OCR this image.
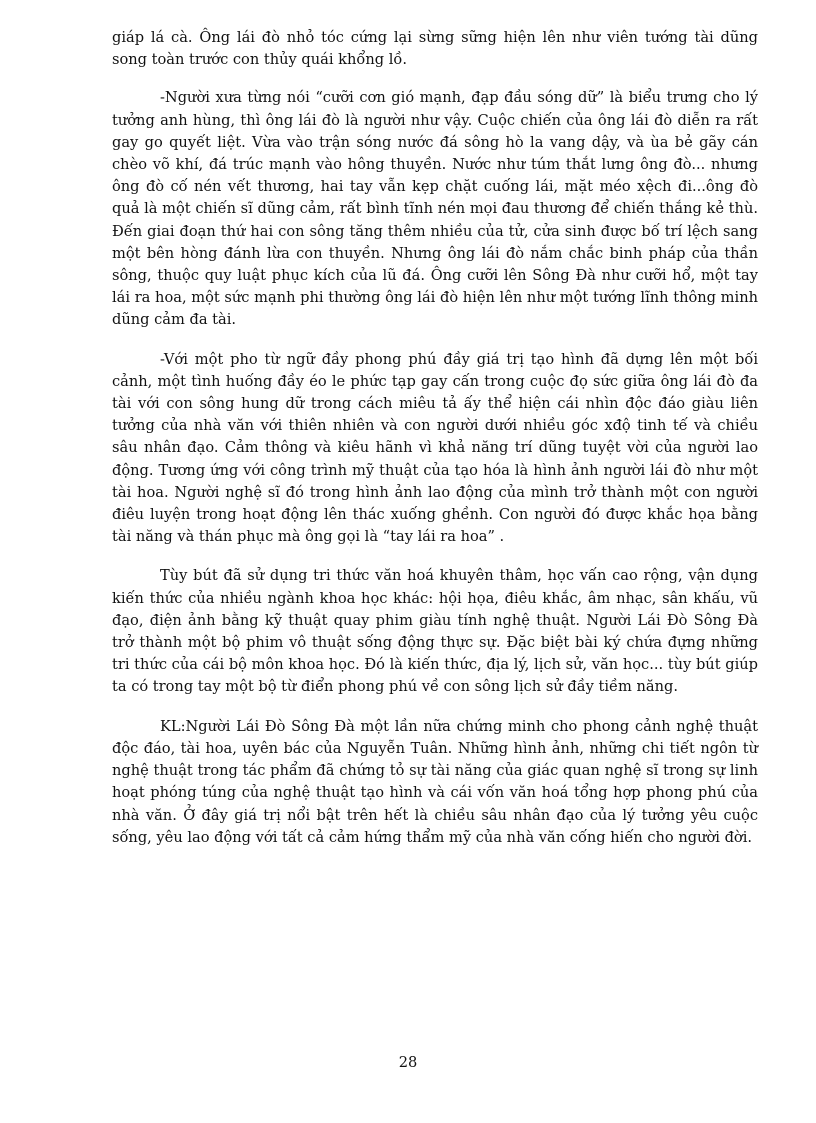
giáp lá cà. Ông lái đò nhỏ tóc cứng lại sừng sững hiện lên như viên tướng tài dũng song toàn trước con thủy quái khổng lồ.

-Người xưa từng nói “cưỡi cơn gió mạnh, đạp đầu sóng dữ” là biểu trưng cho lý tưởng anh hùng, thì ông lái đò là người như vậy. Cuộc chiến của ông lái đò diễn ra rất gay go quyết liệt. Vừa vào trận sóng nước đá sông hò la vang dậy, và ùa bẻ gãy cán chèo võ khí, đá trúc mạnh vào hông thuyền. Nước như túm thắt lưng ông đò... nhưng ông đò cố nén vết thương, hai tay vẫn kẹp chặt cuống lái, mặt méo xệch đi...ông đò quả là một chiến sĩ dũng cảm, rất bình tĩnh nén mọi đau thương để chiến thắng kẻ thù. Đến giai đoạn thứ hai con sông tăng thêm nhiều của tử, cửa sinh được bố trí lệch sang một bên hòng đánh lừa con thuyền. Nhưng ông lái đò nắm chắc binh pháp của thần sông, thuộc quy luật phục kích của lũ đá. Ông cưỡi lên Sông Đà như cưỡi hổ, một tay lái ra hoa, một sức mạnh phi thường ông lái đò hiện lên như một tướng lĩnh thông minh dũng cảm đa tài.

-Với một pho từ ngữ đầy phong phú đầy giá trị tạo hình đã dựng lên một bối cảnh, một tình huống đầy éo le phức tạp gay cấn trong cuộc đọ sức giữa ông lái đò đa tài với con sông hung dữ trong cách miêu tả ấy thể hiện cái nhìn độc đáo giàu liên tưởng của nhà văn với thiên nhiên và con người dưới nhiều góc xđộ tinh tế và chiều sâu nhân đạo. Cảm thông và kiêu hãnh vì khả năng trí dũng tuyệt vời của người lao động. Tương ứng với công trình mỹ thuật của tạo hóa là hình ảnh người lái đò như một tài hoa. Người nghệ sĩ đó trong hình ảnh lao động của mình trở thành một con người điêu luyện trong hoạt động lên thác xuống ghềnh. Con người đó được khắc họa bằng tài năng và thán phục mà ông gọi là “tay lái ra hoa” .

Tùy bút đã sử dụng tri thức văn hoá khuyên thâm, học vấn cao rộng, vận dụng kiến thức của nhiều ngành khoa học khác: hội họa, điêu khắc, âm nhạc, sân khấu, vũ đạo, điện ảnh bằng kỹ thuật quay phim giàu tính nghệ thuật. Người Lái Đò Sông Đà trở thành một bộ phim vô thuật sống động thực sự. Đặc biệt bài ký chứa đựng những tri thức của cái bộ môn khoa học. Đó là kiến thức, địa lý, lịch sử, văn học... tùy bút giúp ta có trong tay một bộ từ điển phong phú về con sông lịch sử đầy tiềm năng.

KL:Người Lái Đò Sông Đà một lần nữa chứng minh cho phong cảnh nghệ thuật độc đáo, tài hoa, uyên bác của Nguyễn Tuân. Những hình ảnh, những chi tiết ngôn từ nghệ thuật trong tác phẩm đã chứng tỏ sự tài năng của giác quan nghệ sĩ trong sự linh hoạt phóng túng của nghệ thuật tạo hình và cái vốn văn hoá tổng hợp phong phú của nhà văn. Ở đây giá trị nổi bật trên hết là chiều sâu nhân đạo của lý tưởng yêu cuộc sống, yêu lao động với tất cả cảm hứng thẩm mỹ của nhà văn cống hiến cho người đời.

28
